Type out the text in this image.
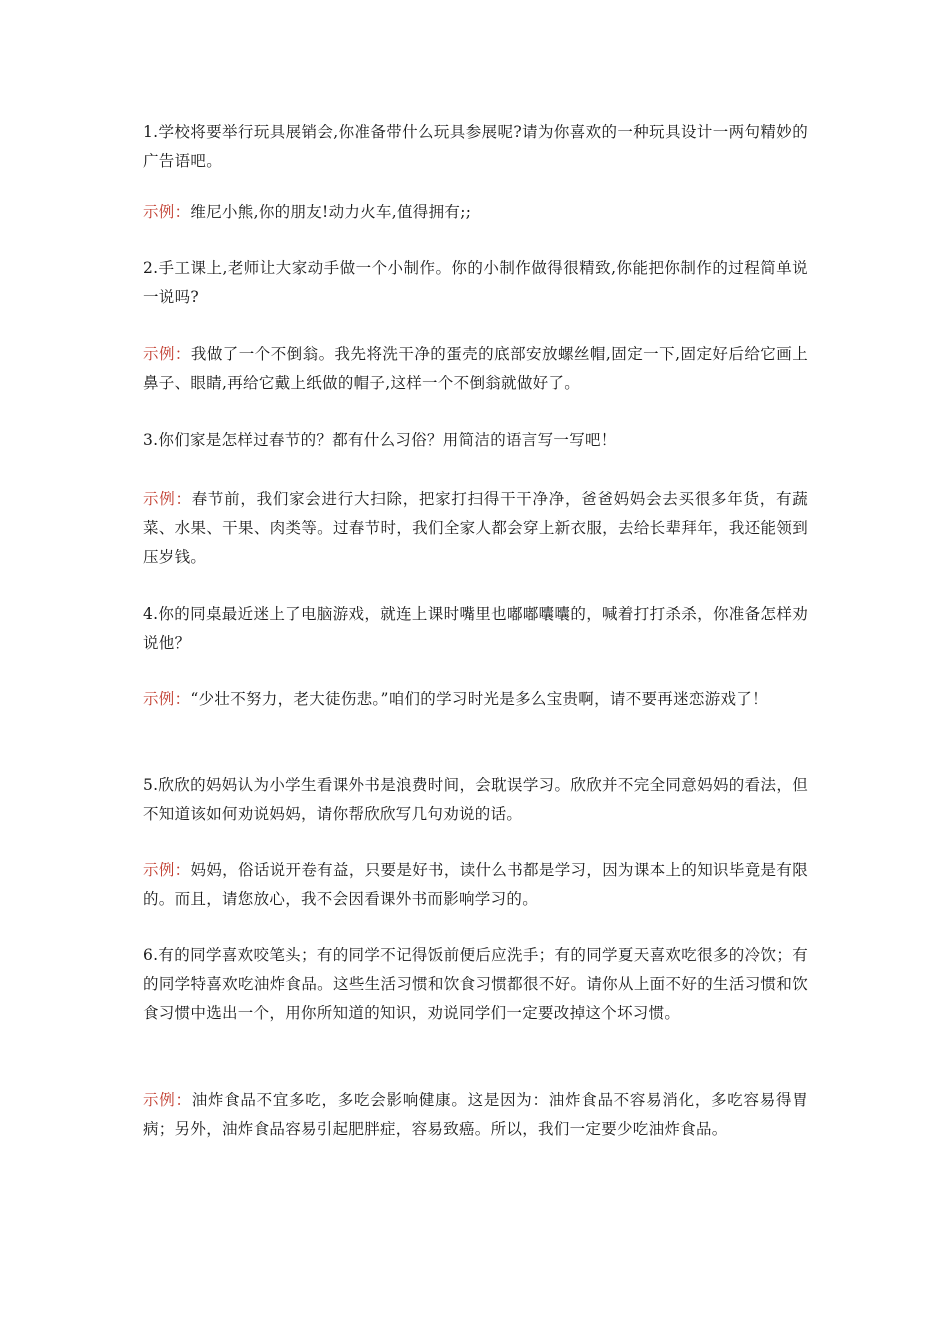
1.学校将要举行玩具展销会,你准备带什么玩具参展呢?请为你喜欢的一种玩具设计一两句精妙的广告语吧。

示例：维尼小熊,你的朋友!动力火车,值得拥有;;

2.手工课上,老师让大家动手做一个小制作。你的小制作做得很精致,你能把你制作的过程简单说一说吗?

示例：我做了一个不倒翁。我先将洗干净的蛋壳的底部安放螺丝帽,固定一下,固定好后给它画上鼻子、眼睛,再给它戴上纸做的帽子,这样一个不倒翁就做好了。

3.你们家是怎样过春节的？都有什么习俗？用简洁的语言写一写吧！

示例：春节前，我们家会进行大扫除，把家打扫得干干净净，爸爸妈妈会去买很多年货，有蔬菜、水果、干果、肉类等。过春节时，我们全家人都会穿上新衣服，去给长辈拜年，我还能领到压岁钱。

4.你的同桌最近迷上了电脑游戏，就连上课时嘴里也嘟嘟囔囔的，喊着打打杀杀，你准备怎样劝说他？

示例：“少壮不努力，老大徒伤悲。”咱们的学习时光是多么宝贵啊，请不要再迷恋游戏了！

5.欣欣的妈妈认为小学生看课外书是浪费时间，会耽误学习。欣欣并不完全同意妈妈的看法，但不知道该如何劝说妈妈，请你帮欣欣写几句劝说的话。

示例：妈妈，俗话说开卷有益，只要是好书，读什么书都是学习，因为课本上的知识毕竟是有限的。而且，请您放心，我不会因看课外书而影响学习的。

6.有的同学喜欢咬笔头；有的同学不记得饭前便后应洗手；有的同学夏天喜欢吃很多的冷饮；有的同学特喜欢吃油炸食品。这些生活习惯和饮食习惯都很不好。请你从上面不好的生活习惯和饮食习惯中选出一个，用你所知道的知识，劝说同学们一定要改掉这个坏习惯。

示例：油炸食品不宜多吃，多吃会影响健康。这是因为：油炸食品不容易消化，多吃容易得胃病；另外，油炸食品容易引起肥胖症，容易致癌。所以，我们一定要少吃油炸食品。
